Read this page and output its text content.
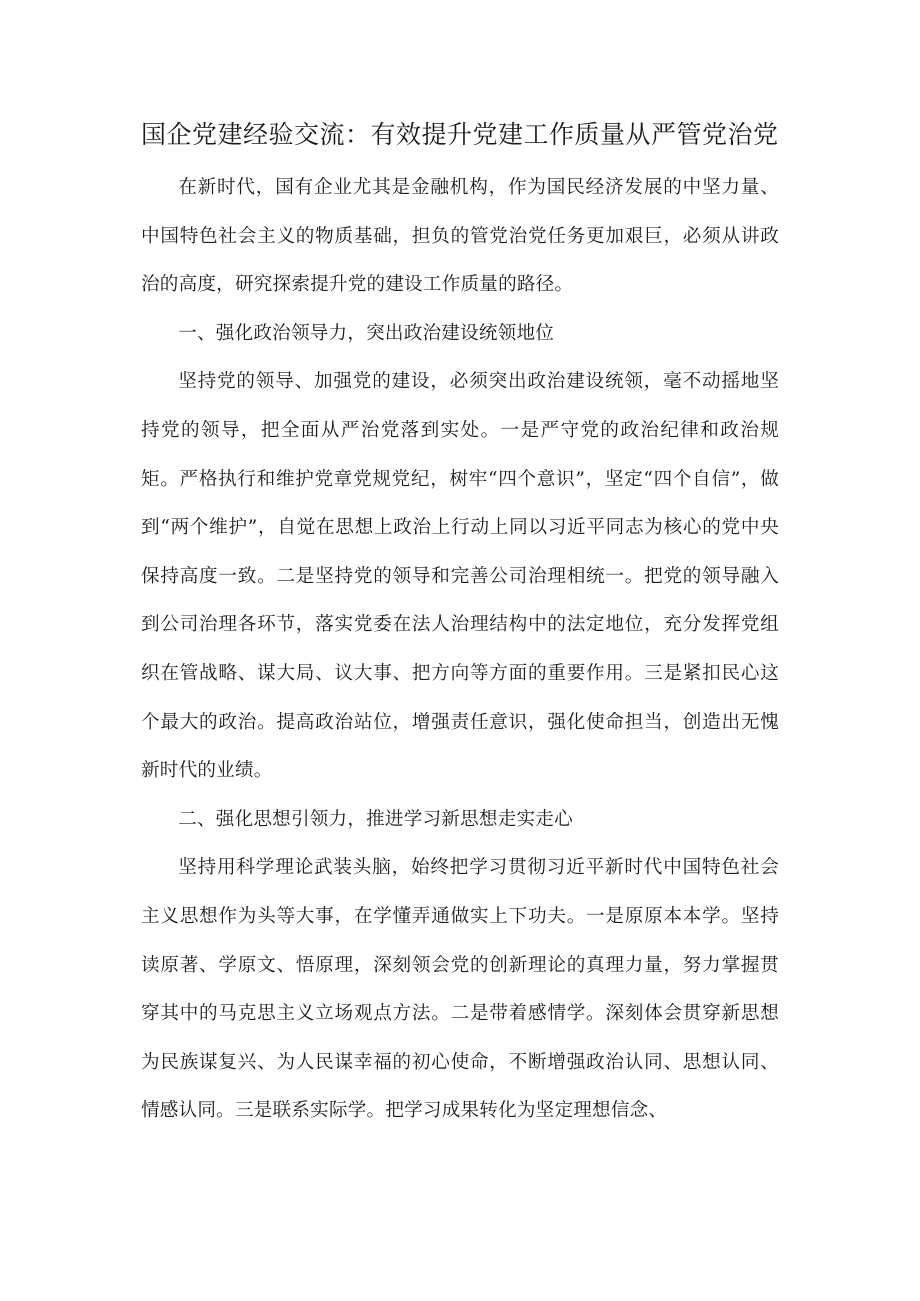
国企党建经验交流：有效提升党建工作质量从严管党治党

在新时代，国有企业尤其是金融机构，作为国民经济发展的中坚力量、中国特色社会主义的物质基础，担负的管党治党任务更加艰巨，必须从讲政治的高度，研究探索提升党的建设工作质量的路径。

一、强化政治领导力，突出政治建设统领地位

坚持党的领导、加强党的建设，必须突出政治建设统领，毫不动摇地坚持党的领导，把全面从严治党落到实处。一是严守党的政治纪律和政治规矩。严格执行和维护党章党规党纪，树牢“四个意识”，坚定“四个自信”，做到“两个维护”，自觉在思想上政治上行动上同以习近平同志为核心的党中央保持高度一致。二是坚持党的领导和完善公司治理相统一。把党的领导融入到公司治理各环节，落实党委在法人治理结构中的法定地位，充分发挥党组织在管战略、谋大局、议大事、把方向等方面的重要作用。三是紧扣民心这个最大的政治。提高政治站位，增强责任意识，强化使命担当，创造出无愧新时代的业绩。

二、强化思想引领力，推进学习新思想走实走心

坚持用科学理论武装头脑，始终把学习贯彻习近平新时代中国特色社会主义思想作为头等大事，在学懂弄通做实上下功夫。一是原原本本学。坚持读原著、学原文、悟原理，深刻领会党的创新理论的真理力量，努力掌握贯穿其中的马克思主义立场观点方法。二是带着感情学。深刻体会贯穿新思想为民族谋复兴、为人民谋幸福的初心使命，不断增强政治认同、思想认同、情感认同。三是联系实际学。把学习成果转化为坚定理想信念、
